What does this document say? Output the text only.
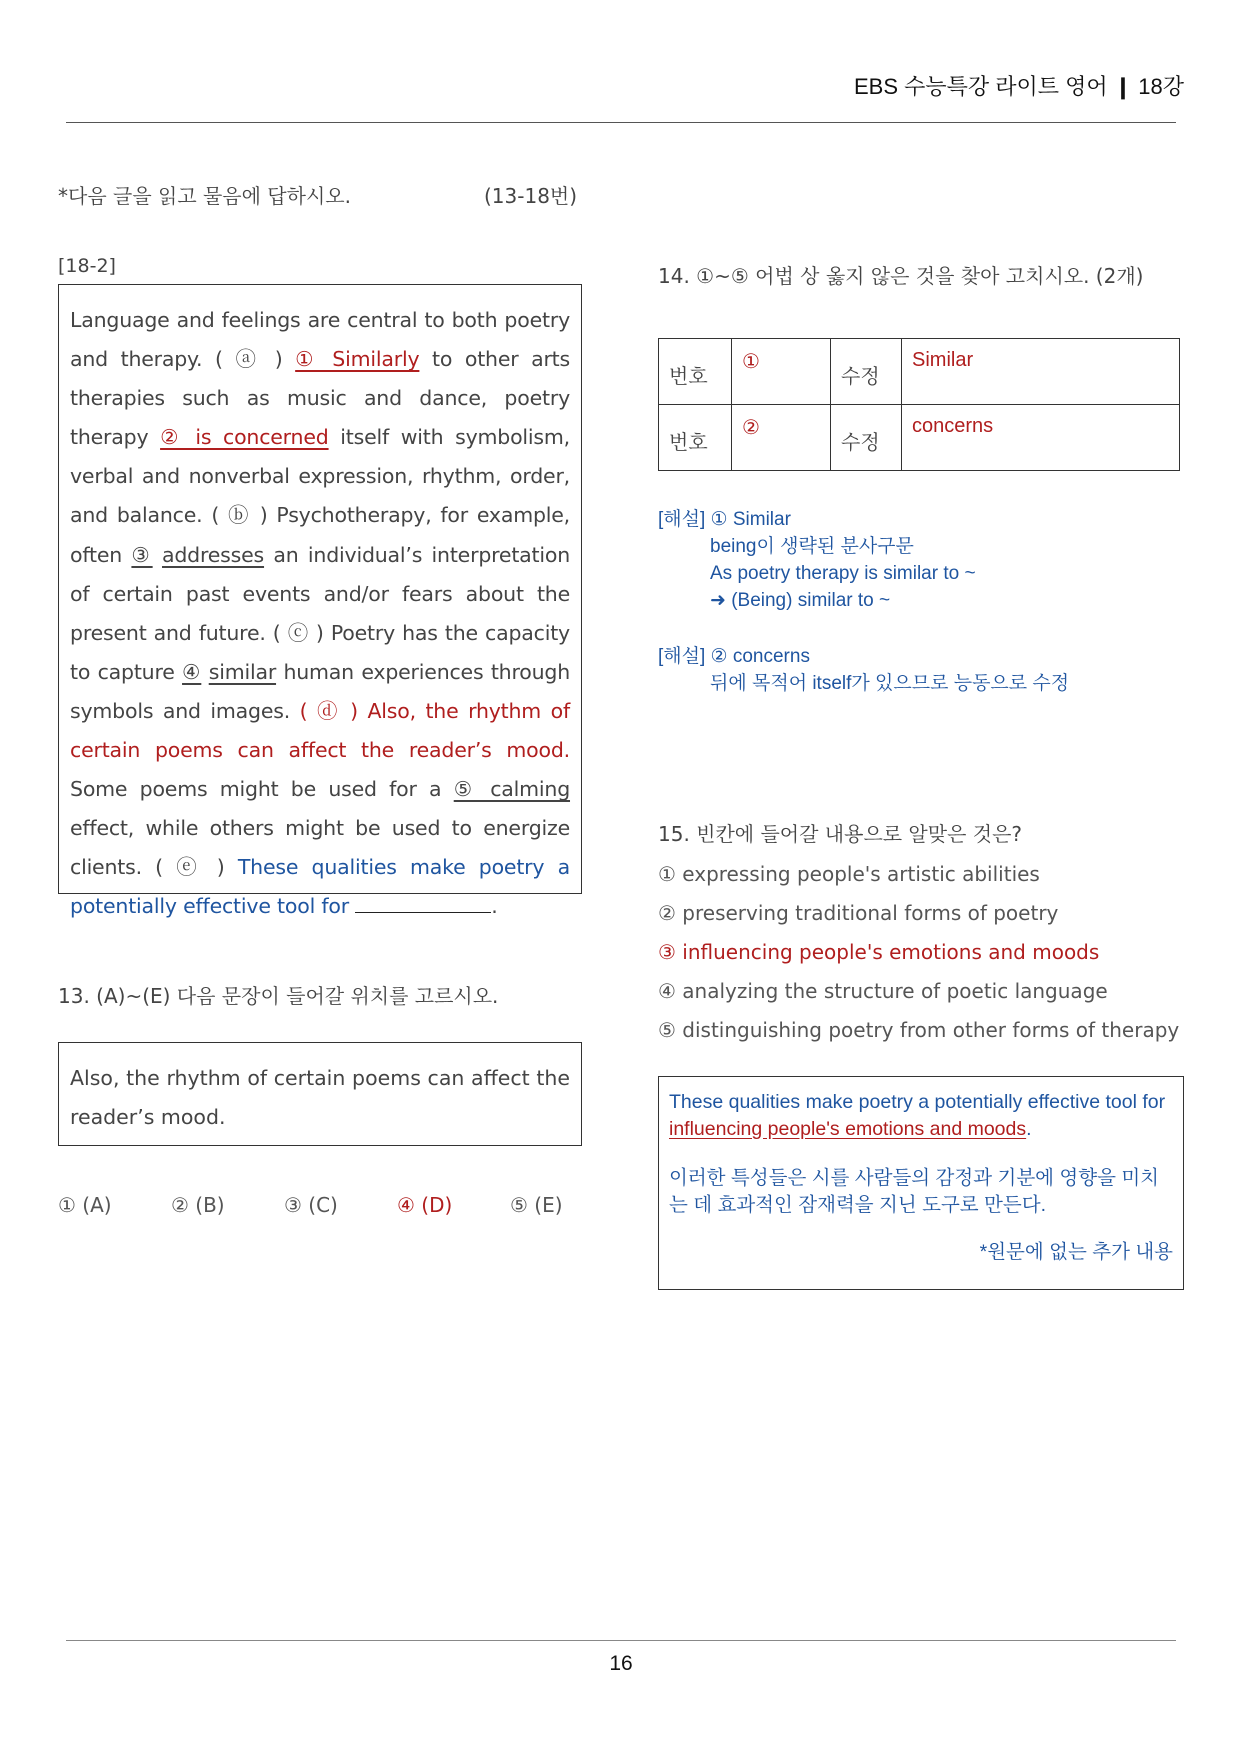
EBS 수능특강 라이트 영어 ❙ 18강
*다음 글을 읽고 물음에 답하시오.	(13-18번)
[18-2]
Language and feelings are central to both poetry and therapy. ( ⓐ ) ① Similarly to other arts therapies such as music and dance, poetry therapy ② is concerned itself with symbolism, verbal and nonverbal expression, rhythm, order, and balance. ( ⓑ ) Psychotherapy, for example, often ③ addresses an individual’s interpretation of certain past events and/or fears about the present and future. ( ⓒ ) Poetry has the capacity to capture ④ similar human experiences through symbols and images. ( ⓓ ) Also, the rhythm of certain poems can affect the reader’s mood. Some poems might be used for a ⑤ calming effect, while others might be used to energize clients. ( ⓔ ) These qualities make poetry a potentially effective tool for	.
13. (A)~(E) 다음 문장이 들어갈 위치를 고르시오.
Also, the rhythm of certain poems can affect the reader’s mood.
① (A)	② (B)	③ (C)	④ (D)	⑤ (E)
14. ①~⑤ 어법 상 옳지 않은 것을 찾아 고치시오. (2개)
번호	①	수정	Similar
번호	②	수정	concerns
[해설] ① Similar
being이 생략된 분사구문
As poetry therapy is similar to ~
➜ (Being) similar to ~
[해설] ② concerns
뒤에 목적어 itself가 있으므로 능동으로 수정
15. 빈칸에 들어갈 내용으로 알맞은 것은?
① expressing people's artistic abilities
② preserving traditional forms of poetry
③ influencing people's emotions and moods
④ analyzing the structure of poetic language
⑤ distinguishing poetry from other forms of therapy
These qualities make poetry a potentially effective tool for influencing people's emotions and moods.
이러한 특성들은 시를 사람들의 감정과 기분에 영향을 미치는 데 효과적인 잠재력을 지닌 도구로 만든다.
*원문에 없는 추가 내용
16
